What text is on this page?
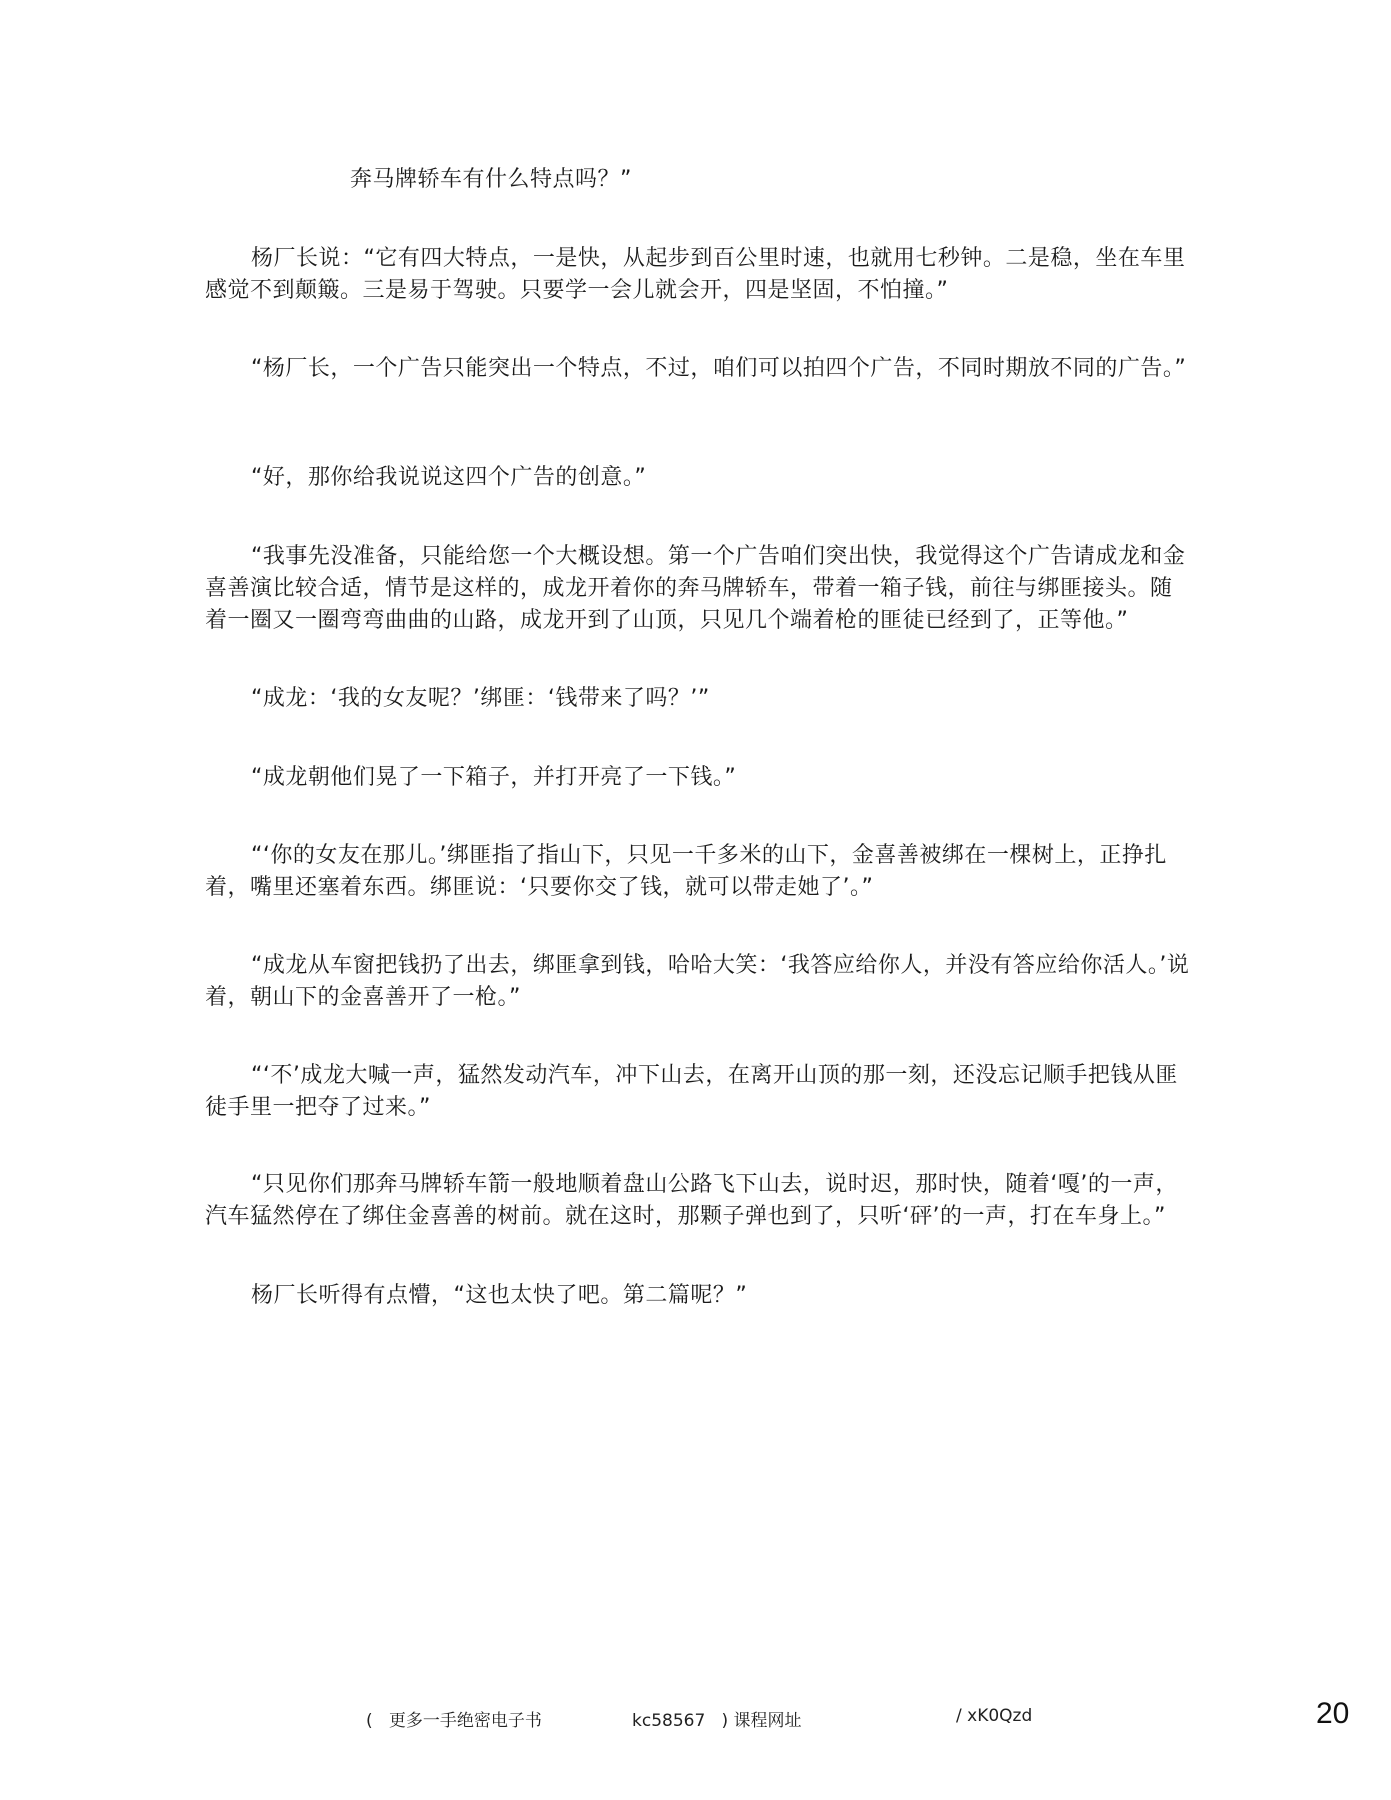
奔马牌轿车有什么特点吗？”

杨厂长说：“它有四大特点，一是快，从起步到百公里时速，也就用七秒钟。二是稳，坐在车里感觉不到颠簸。三是易于驾驶。只要学一会儿就会开，四是坚固，不怕撞。”

“杨厂长，一个广告只能突出一个特点，不过，咱们可以拍四个广告，不同时期放不同的广告。”

“好，那你给我说说这四个广告的创意。”

“我事先没准备，只能给您一个大概设想。第一个广告咱们突出快，我觉得这个广告请成龙和金喜善演比较合适，情节是这样的，成龙开着你的奔马牌轿车，带着一箱子钱，前往与绑匪接头。随着一圈又一圈弯弯曲曲的山路，成龙开到了山顶，只见几个端着枪的匪徒已经到了，正等他。”

“成龙：‘我的女友呢？’绑匪：‘钱带来了吗？’”

“成龙朝他们晃了一下箱子，并打开亮了一下钱。”

“‘你的女友在那儿。’绑匪指了指山下，只见一千多米的山下，金喜善被绑在一棵树上，正挣扎着，嘴里还塞着东西。绑匪说：‘只要你交了钱，就可以带走她了’。”

“成龙从车窗把钱扔了出去，绑匪拿到钱，哈哈大笑：‘我答应给你人，并没有答应给你活人。’说着，朝山下的金喜善开了一枪。”

“‘不’成龙大喊一声，猛然发动汽车，冲下山去，在离开山顶的那一刻，还没忘记顺手把钱从匪徒手里一把夺了过来。”

“只见你们那奔马牌轿车箭一般地顺着盘山公路飞下山去，说时迟，那时快，随着‘嘎’的一声，汽车猛然停在了绑住金喜善的树前。就在这时，那颗子弹也到了，只听‘砰’的一声，打在车身上。”

杨厂长听得有点懵，“这也太快了吧。第二篇呢？”

(   更多一手绝密电子书	kc58567   ) 课程网址	/ xK0Qzd	20
